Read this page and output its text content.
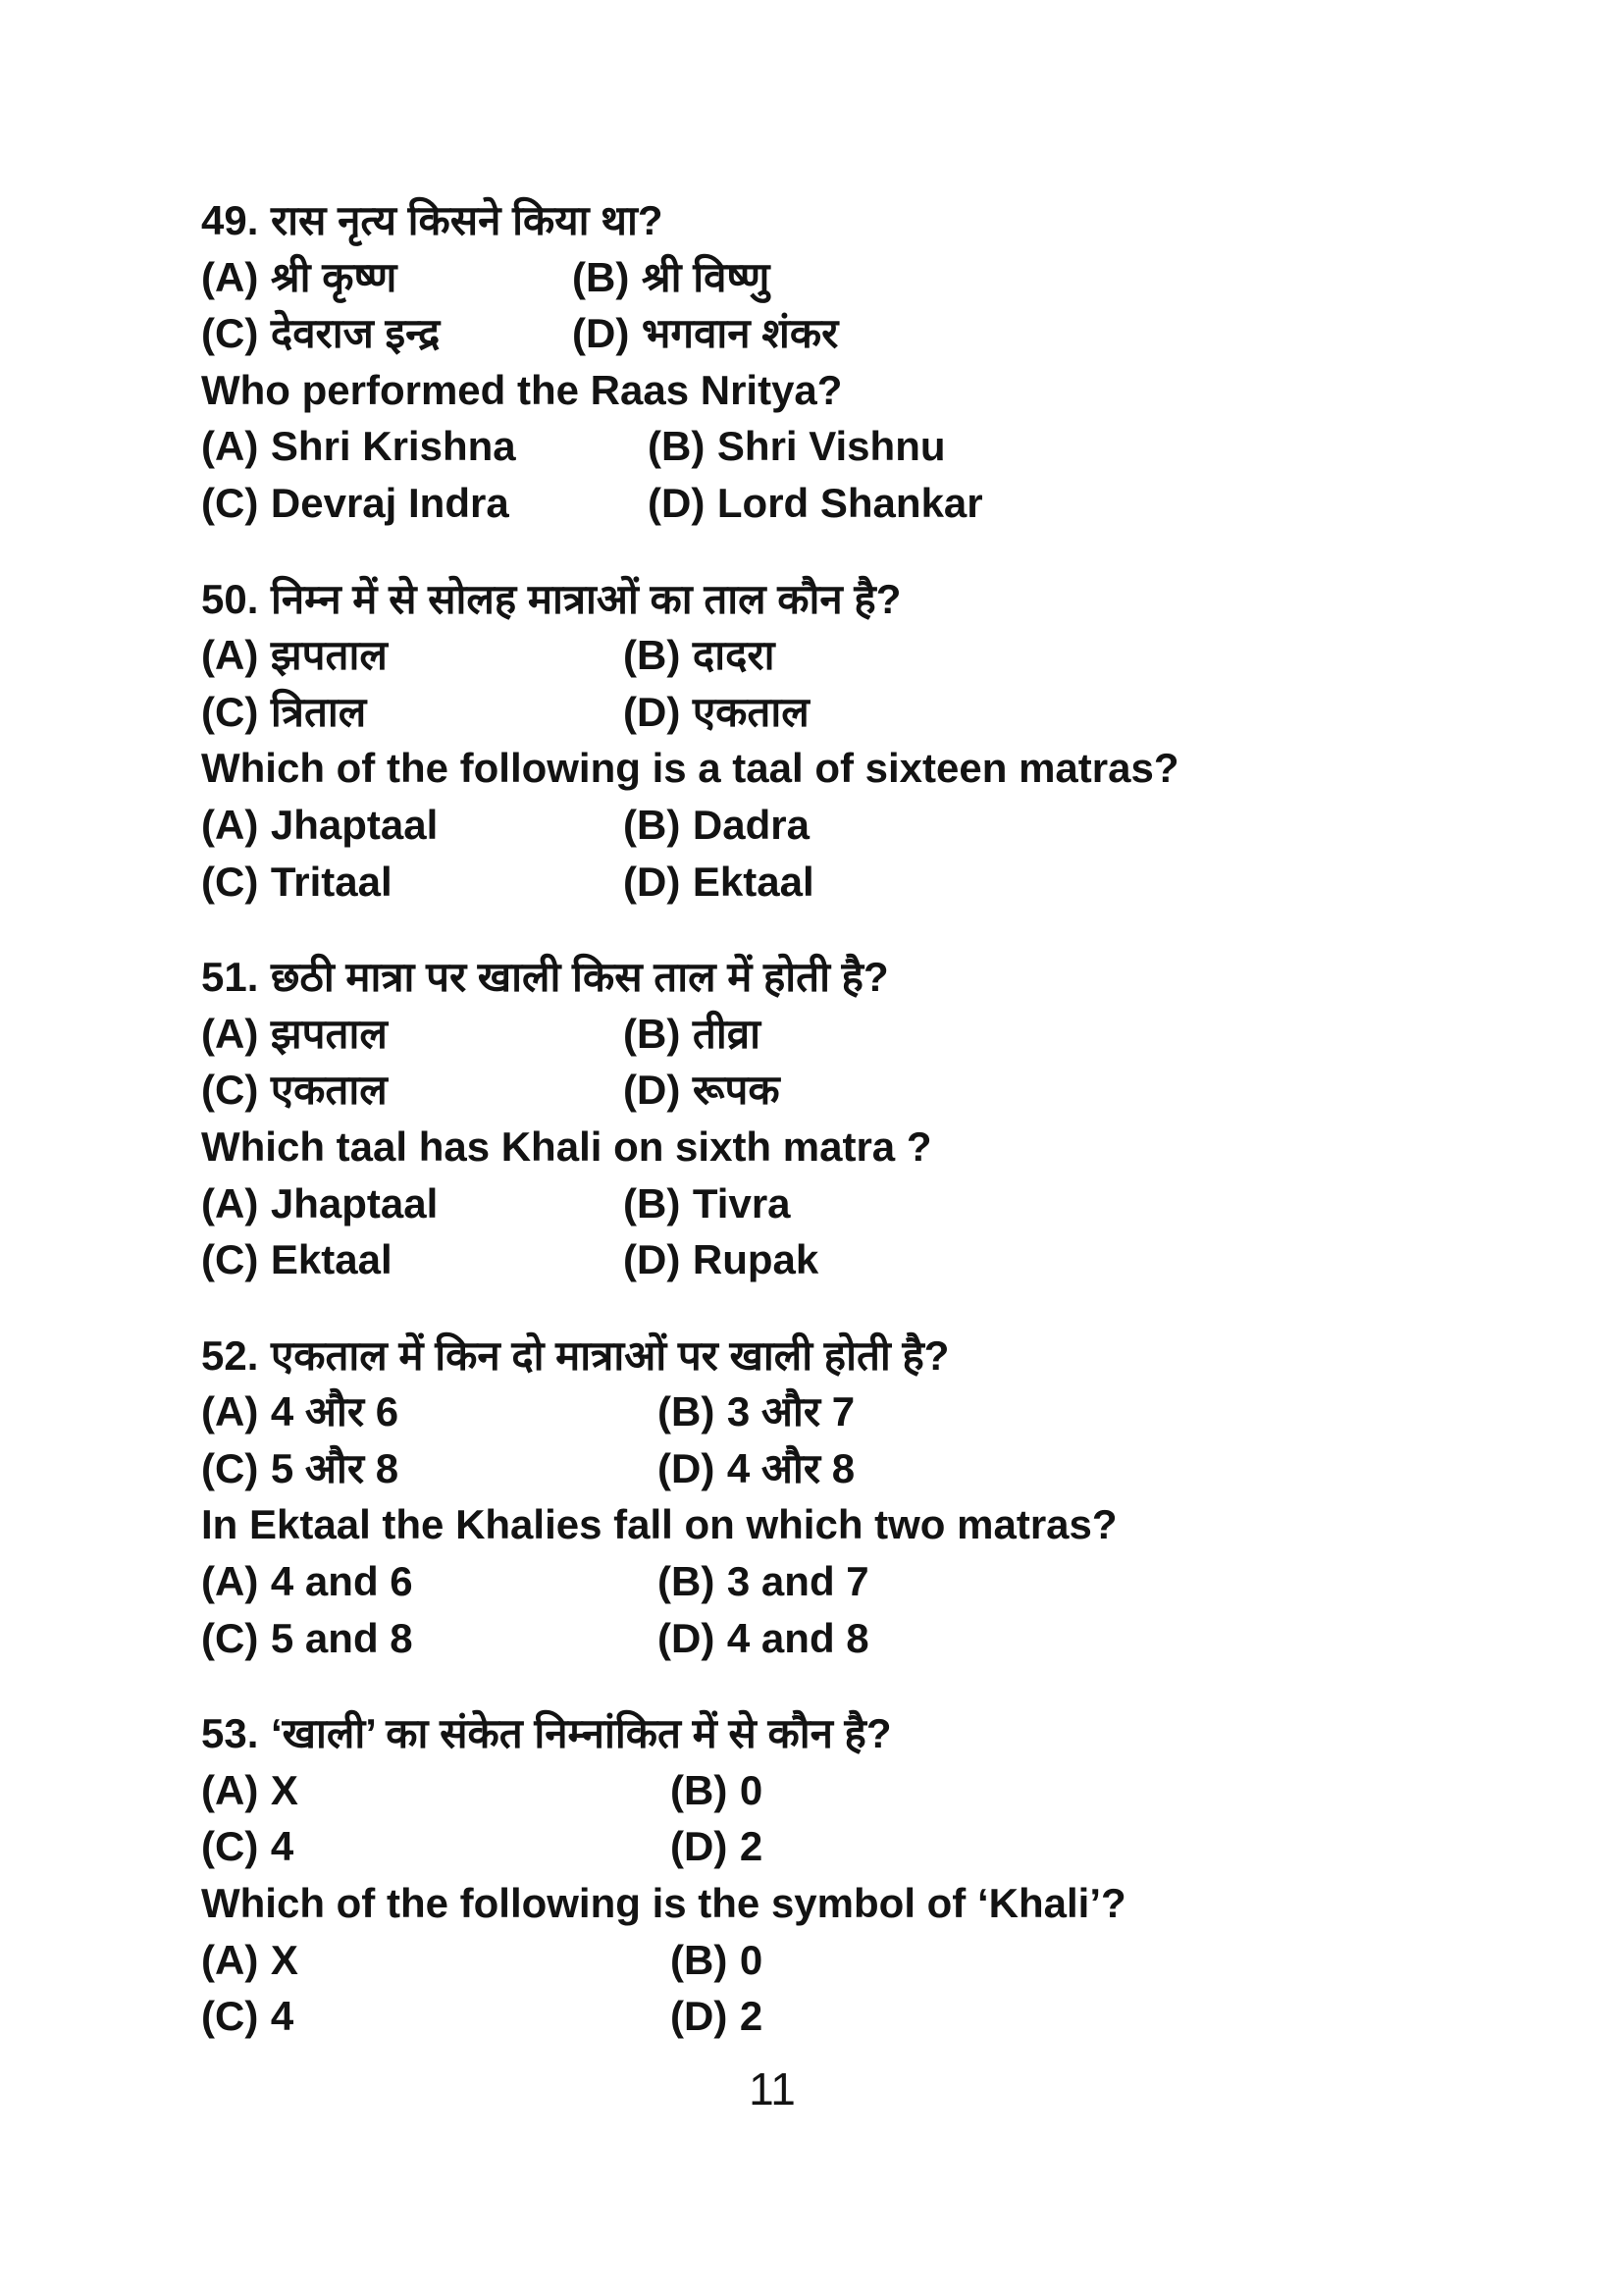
49. रास नृत्य किसने किया था?
(A) श्री कृष्ण	(B) श्री विष्णु
(C) देवराज इन्द्र	(D) भगवान शंकर
Who performed the Raas Nritya?
(A) Shri Krishna	(B) Shri Vishnu
(C) Devraj Indra	(D) Lord Shankar
50. निम्न में से सोलह मात्राओं का ताल कौन है?
(A) झपताल	(B) दादरा
(C) त्रिताल	(D) एकताल
Which of the following is a taal of sixteen matras?
(A) Jhaptaal	(B) Dadra
(C) Tritaal	(D) Ektaal
51. छठी मात्रा पर खाली किस ताल में होती है?
(A) झपताल	(B) तीव्रा
(C) एकताल	(D) रूपक
Which taal has Khali on sixth matra ?
(A) Jhaptaal	(B) Tivra
(C) Ektaal	(D) Rupak
52. एकताल में किन दो मात्राओं पर खाली होती है?
(A) 4 और 6	(B) 3 और 7
(C) 5 और 8	(D) 4 और 8
In Ektaal the Khalies fall on which two matras?
(A) 4 and 6	(B) 3 and 7
(C) 5 and 8	(D) 4 and 8
53. ‘खाली’ का संकेत निम्नांकित में से कौन है?
(A) X	(B) 0
(C) 4	(D) 2
Which of the following is the symbol of ‘Khali’?
(A) X	(B) 0
(C) 4	(D) 2
11
